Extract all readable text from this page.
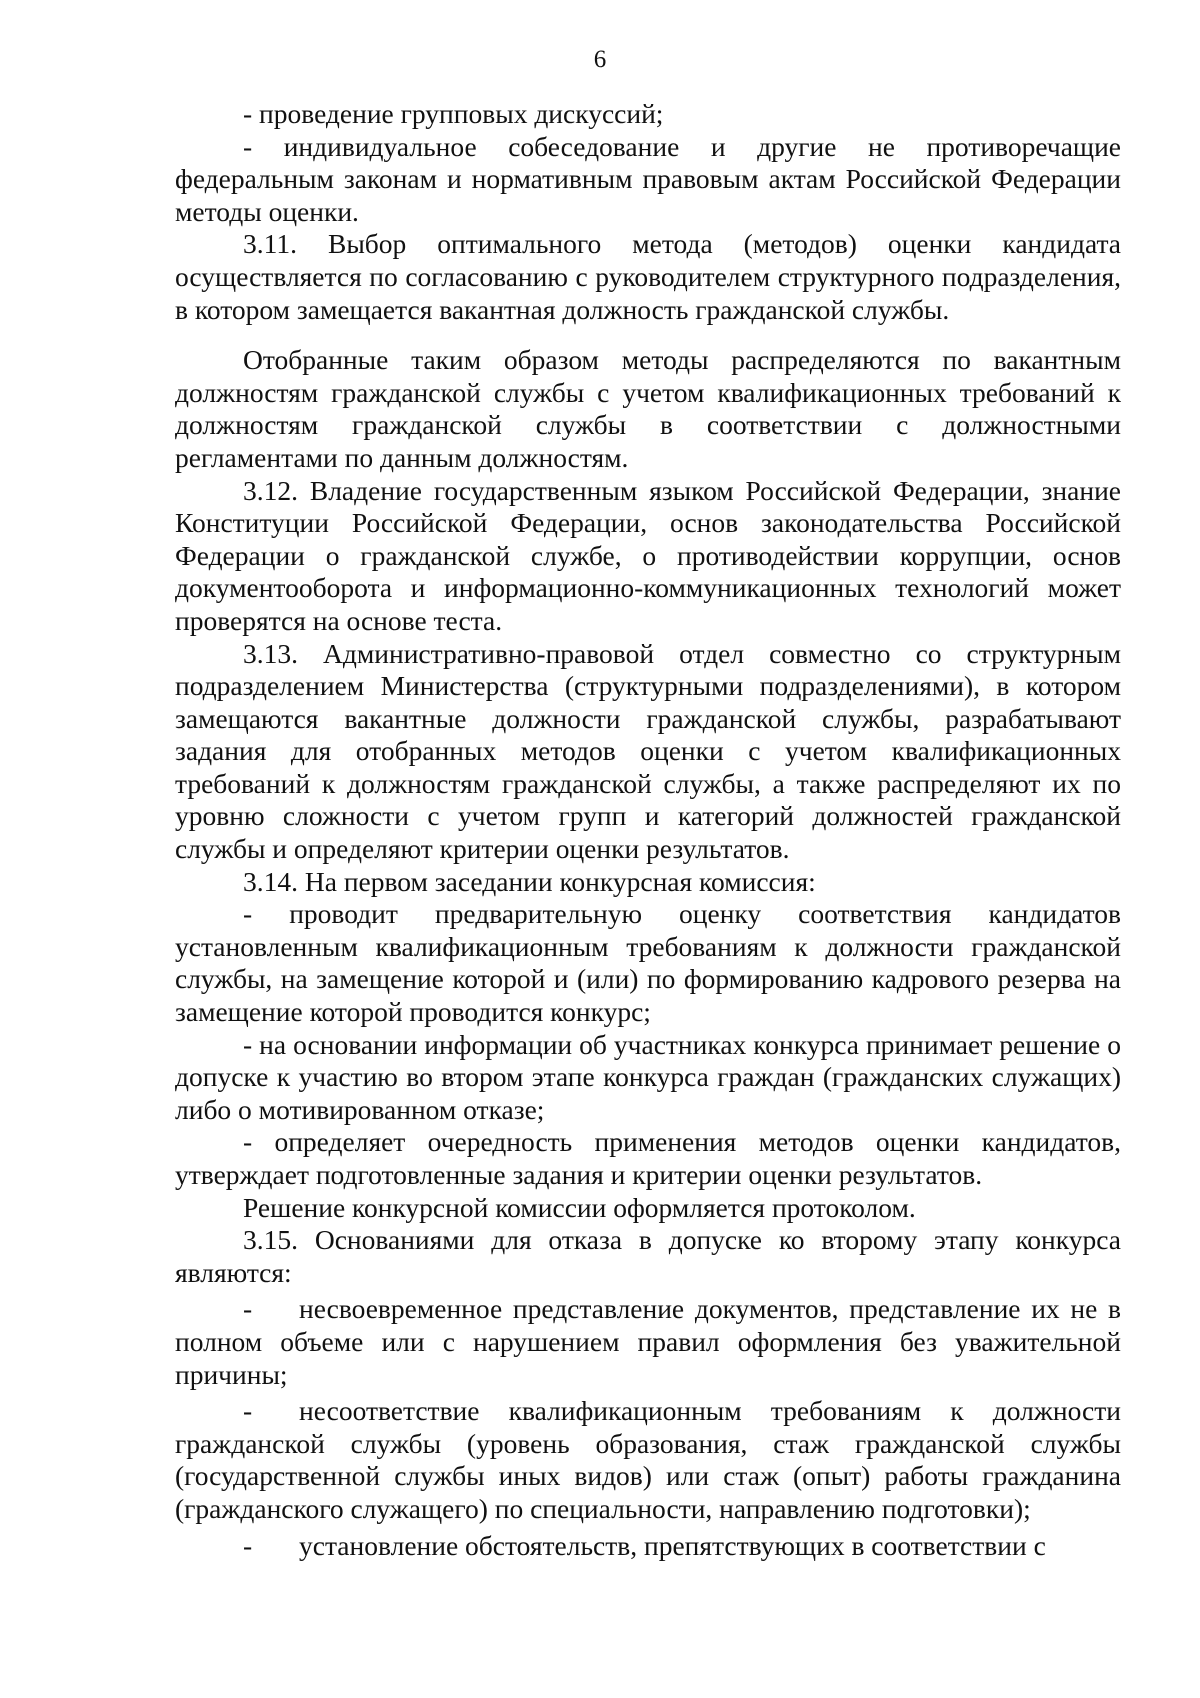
6

- проведение групповых дискуссий;

- индивидуальное собеседование и другие не противоречащие федеральным законам и нормативным правовым актам Российской Федерации методы оценки.

3.11. Выбор оптимального метода (методов) оценки кандидата осуществляется по согласованию с руководителем структурного подразделения, в котором замещается вакантная должность гражданской службы.

Отобранные таким образом методы распределяются по вакантным должностям гражданской службы с учетом квалификационных требований к должностям гражданской службы в соответствии с должностными регламентами по данным должностям.

3.12. Владение государственным языком Российской Федерации, знание Конституции Российской Федерации, основ законодательства Российской Федерации о гражданской службе, о противодействии коррупции, основ документооборота и информационно-коммуникационных технологий может проверятся на основе теста.

3.13. Административно-правовой отдел совместно со структурным подразделением Министерства (структурными подразделениями), в котором замещаются вакантные должности гражданской службы, разрабатывают задания для отобранных методов оценки с учетом квалификационных требований к должностям гражданской службы, а также распределяют их по уровню сложности с учетом групп и категорий должностей гражданской службы и определяют критерии оценки результатов.

3.14. На первом заседании конкурсная комиссия:

- проводит предварительную оценку соответствия кандидатов установленным квалификационным требованиям к должности гражданской службы, на замещение которой и (или) по формированию кадрового резерва на замещение которой проводится конкурс;

- на основании информации об участниках конкурса принимает решение о допуске к участию во втором этапе конкурса граждан (гражданских служащих) либо о мотивированном отказе;

- определяет очередность применения методов оценки кандидатов, утверждает подготовленные задания и критерии оценки результатов.

Решение конкурсной комиссии оформляется протоколом.

3.15. Основаниями для отказа в допуске ко второму этапу конкурса являются:

- несвоевременное представление документов, представление их не в полном объеме или с нарушением правил оформления без уважительной причины;

- несоответствие квалификационным требованиям к должности гражданской службы (уровень образования, стаж гражданской службы (государственной службы иных видов) или стаж (опыт) работы гражданина (гражданского служащего) по специальности, направлению подготовки);

- установление обстоятельств, препятствующих в соответствии с
